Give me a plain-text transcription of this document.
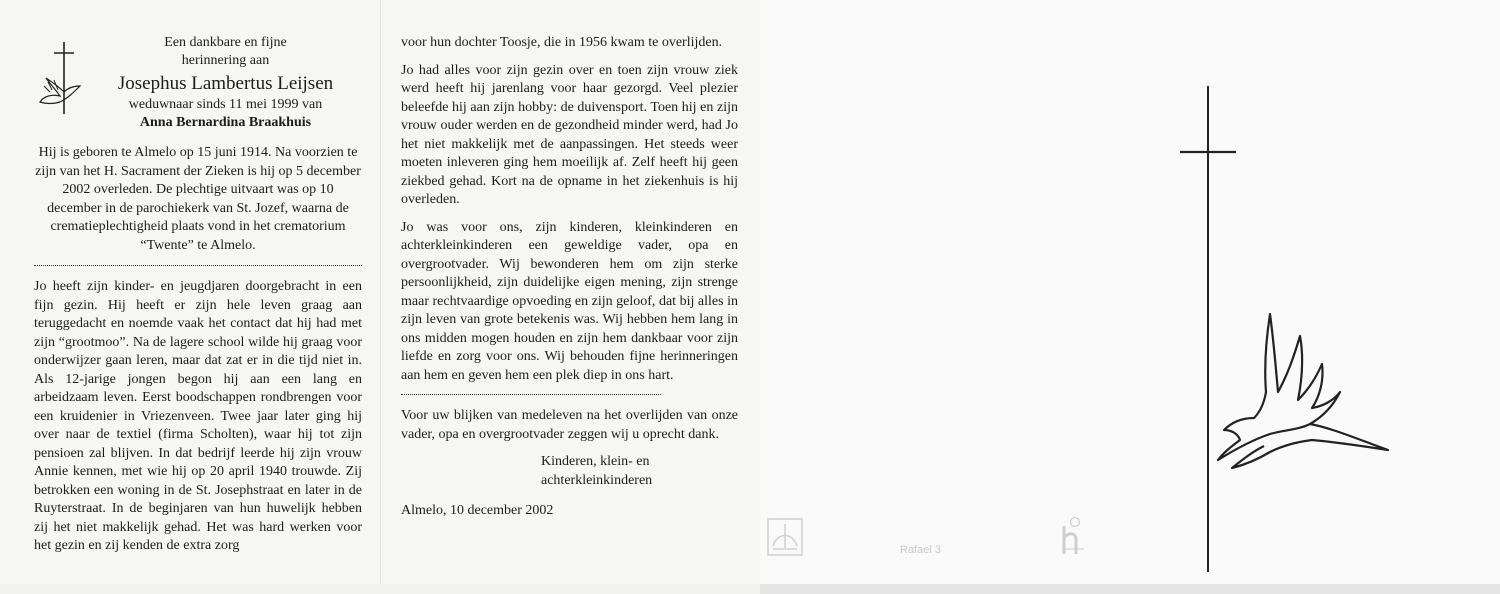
Een dankbare en fijne
herinnering aan
Josephus Lambertus Leijsen
weduwnaar sinds 11 mei 1999 van
Anna Bernardina Braakhuis
Hij is geboren te Almelo op 15 juni 1914. Na voorzien te zijn van het H. Sacrament der Zieken is hij op 5 december 2002 overleden. De plechtige uitvaart was op 10 december in de parochiekerk van St. Jozef, waarna de crematieplechtigheid plaats vond in het crematorium “Twente” te Almelo.

Jo heeft zijn kinder- en jeugdjaren doorgebracht in een fijn gezin. Hij heeft er zijn hele leven graag aan teruggedacht en noemde vaak het contact dat hij had met zijn “grootmoo”. Na de lagere school wilde hij graag voor onderwijzer gaan leren, maar dat zat er in die tijd niet in. Als 12-jarige jongen begon hij aan een lang en arbeidzaam leven. Eerst boodschappen rondbrengen voor een kruidenier in Vriezenveen. Twee jaar later ging hij over naar de textiel (firma Scholten), waar hij tot zijn pensioen zal blijven. In dat bedrijf leerde hij zijn vrouw Annie kennen, met wie hij op 20 april 1940 trouwde. Zij betrokken een woning in de St. Josephstraat en later in de Ruyterstraat. In de beginjaren van hun huwelijk hebben zij het niet makkelijk gehad. Het was hard werken voor het gezin en zij kenden de extra zorg

voor hun dochter Toosje, die in 1956 kwam te overlijden.

Jo had alles voor zijn gezin over en toen zijn vrouw ziek werd heeft hij jarenlang voor haar gezorgd. Veel plezier beleefde hij aan zijn hobby: de duivensport. Toen hij en zijn vrouw ouder werden en de gezondheid minder werd, had Jo het niet makkelijk met de aanpassingen. Het steeds weer moeten inleveren ging hem moeilijk af. Zelf heeft hij geen ziekbed gehad. Kort na de opname in het ziekenhuis is hij overleden.

Jo was voor ons, zijn kinderen, kleinkinderen en achterkleinkinderen een geweldige vader, opa en overgrootvader. Wij bewonderen hem om zijn sterke persoonlijkheid, zijn duidelijke eigen mening, zijn strenge maar rechtvaardige opvoeding en zijn geloof, dat bij alles in zijn leven van grote betekenis was. Wij hebben hem lang in ons midden mogen houden en zijn hem dankbaar voor zijn liefde en zorg voor ons. Wij behouden fijne herinneringen aan hem en geven hem een plek diep in ons hart.

Voor uw blijken van medeleven na het overlijden van onze vader, opa en overgrootvader zeggen wij u oprecht dank.

Kinderen, klein- en
achterkleinkinderen
Almelo, 10 december 2002
Rafael 3
